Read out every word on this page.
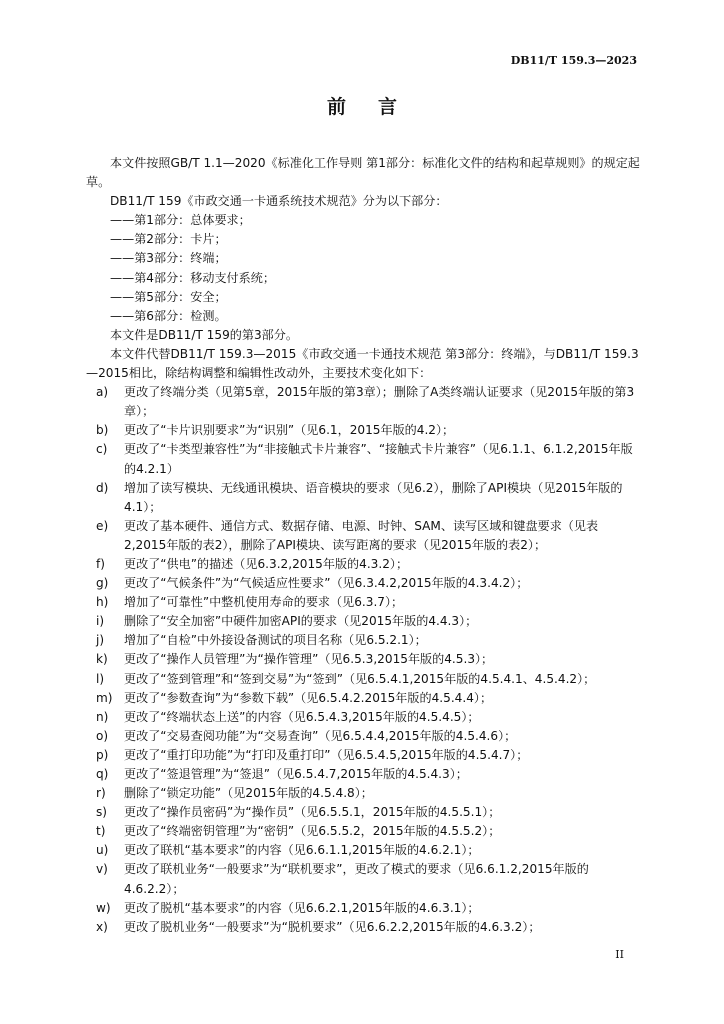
DB11/T 159.3—2023
前言

本文件按照GB/T 1.1—2020《标准化工作导则 第1部分：标准化文件的结构和起草规则》的规定起草。

DB11/T 159《市政交通一卡通系统技术规范》分为以下部分：

——第1部分：总体要求；

——第2部分：卡片；

——第3部分：终端；

——第4部分：移动支付系统；

——第5部分：安全；

——第6部分：检测。

本文件是DB11/T 159的第3部分。

本文件代替DB11/T 159.3—2015《市政交通一卡通技术规范 第3部分：终端》，与DB11/T 159.3—2015相比，除结构调整和编辑性改动外，主要技术变化如下：

a)	更改了终端分类（见第5章，2015年版的第3章）；删除了A类终端认证要求（见2015年版的第3章）；
b)	更改了“卡片识别要求”为“识别”（见6.1，2015年版的4.2）；
c)	更改了“卡类型兼容性”为“非接触式卡片兼容”、“接触式卡片兼容”（见6.1.1、6.1.2,2015年版的4.2.1）
d)	增加了读写模块、无线通讯模块、语音模块的要求（见6.2），删除了API模块（见2015年版的4.1）；
e)	更改了基本硬件、通信方式、数据存储、电源、时钟、SAM、读写区域和键盘要求（见表2,2015年版的表2），删除了API模块、读写距离的要求（见2015年版的表2）；
f)	更改了“供电”的描述（见6.3.2,2015年版的4.3.2）；
g)	更改了“气候条件”为“气候适应性要求”（见6.3.4.2,2015年版的4.3.4.2）；
h)	增加了“可靠性”中整机使用寿命的要求（见6.3.7）；
i)	删除了“安全加密”中硬件加密API的要求（见2015年版的4.4.3）；
j)	增加了“自检”中外接设备测试的项目名称（见6.5.2.1）；
k)	更改了“操作人员管理”为“操作管理”（见6.5.3,2015年版的4.5.3）；
l)	更改了“签到管理”和“签到交易”为“签到”（见6.5.4.1,2015年版的4.5.4.1、4.5.4.2）；
m) 更改了“参数查询”为“参数下载”（见6.5.4.2.2015年版的4.5.4.4）；
n)	更改了“终端状态上送”的内容（见6.5.4.3,2015年版的4.5.4.5）；
o)	更改了“交易查阅功能”为“交易查询”（见6.5.4.4,2015年版的4.5.4.6）；
p)	更改了“重打印功能”为“打印及重打印”（见6.5.4.5,2015年版的4.5.4.7）；
q)	更改了“签退管理”为“签退”（见6.5.4.7,2015年版的4.5.4.3）；
r)	删除了“锁定功能”（见2015年版的4.5.4.8）；
s)	更改了“操作员密码”为“操作员”（见6.5.5.1，2015年版的4.5.5.1）；
t)	更改了“终端密钥管理”为“密钥”（见6.5.5.2，2015年版的4.5.5.2）；
u)	更改了联机“基本要求”的内容（见6.6.1.1,2015年版的4.6.2.1）；
v)	更改了联机业务“一般要求”为“联机要求”，更改了模式的要求（见6.6.1.2,2015年版的4.6.2.2）；
w)	更改了脱机“基本要求”的内容（见6.6.2.1,2015年版的4.6.3.1）；
x)	更改了脱机业务“一般要求”为“脱机要求”（见6.6.2.2,2015年版的4.6.3.2）；
II
